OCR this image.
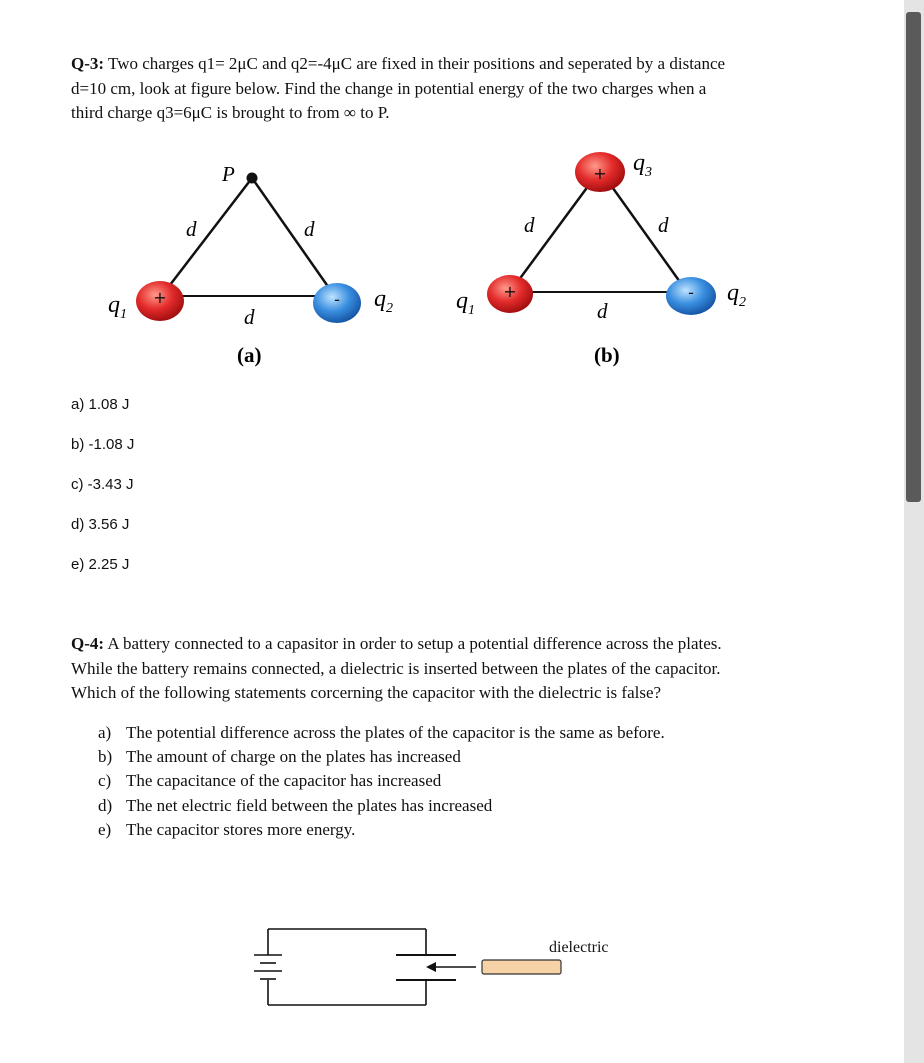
Q-3: Two charges q1= 2μC and q2=-4μC are fixed in their positions and seperated by a distance
d=10 cm, look at figure below. Find the change in potential energy of the two charges when a
third charge q3=6μC is brought to from ∞ to P.
P
d	d
d
+	-
$q_1$
$q_2$
(a)
+ $q_3$
d	d
d
+	-
$q_1$
$q_2$
(b)
dielectric
a) 1.08 J
b) -1.08 J
c) -3.43 J
d) 3.56 J
e) 2.25 J
Q-4: A battery connected to a capasitor in order to setup a potential difference across the plates.
While the battery remains connected, a dielectric is inserted between the plates of the capacitor.
Which of the following statements corcerning the capacitor with the dielectric is false?
a) The potential difference across the plates of the capacitor is the same as before.
b) The amount of charge on the plates has increased
c) The capacitance of the capacitor has increased
d) The net electric field between the plates has increased
e) The capacitor stores more energy.
